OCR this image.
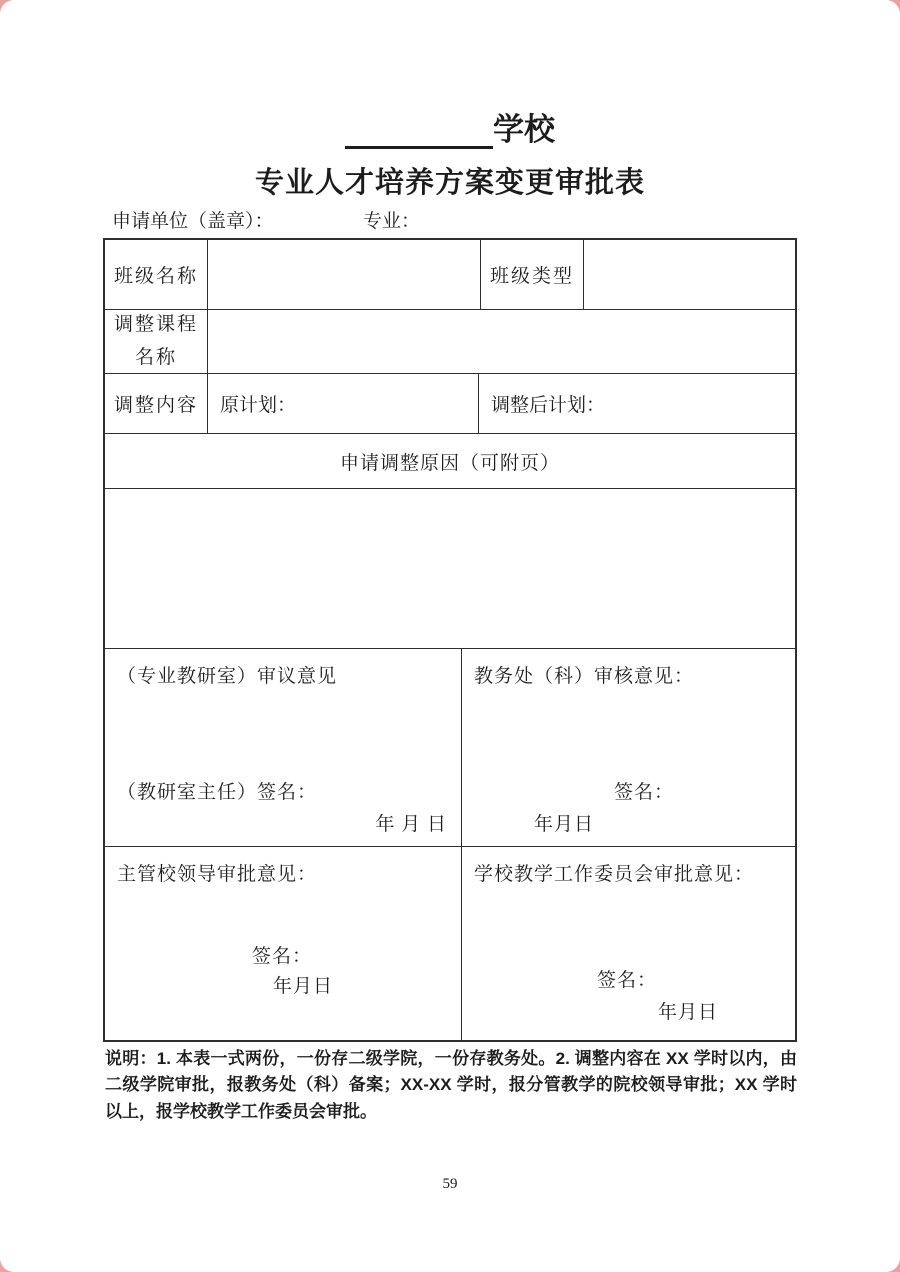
学校
专业人才培养方案变更审批表
申请单位（盖章）：	专业：
班级名称	班级类型
调整课程名称
调整内容	原计划：	调整后计划：
申请调整原因（可附页）
（专业教研室）审议意见
（教研室主任）签名：
年 月 日
教务处（科）审核意见：
签名：
年月日
主管校领导审批意见：
签名：
年月日
学校教学工作委员会审批意见：
签名：
年月日
说明：1. 本表一式两份，一份存二级学院，一份存教务处。2. 调整内容在 XX 学时以内，由二级学院审批，报教务处（科）备案；XX-XX 学时，报分管教学的院校领导审批；XX 学时以上，报学校教学工作委员会审批。
59
